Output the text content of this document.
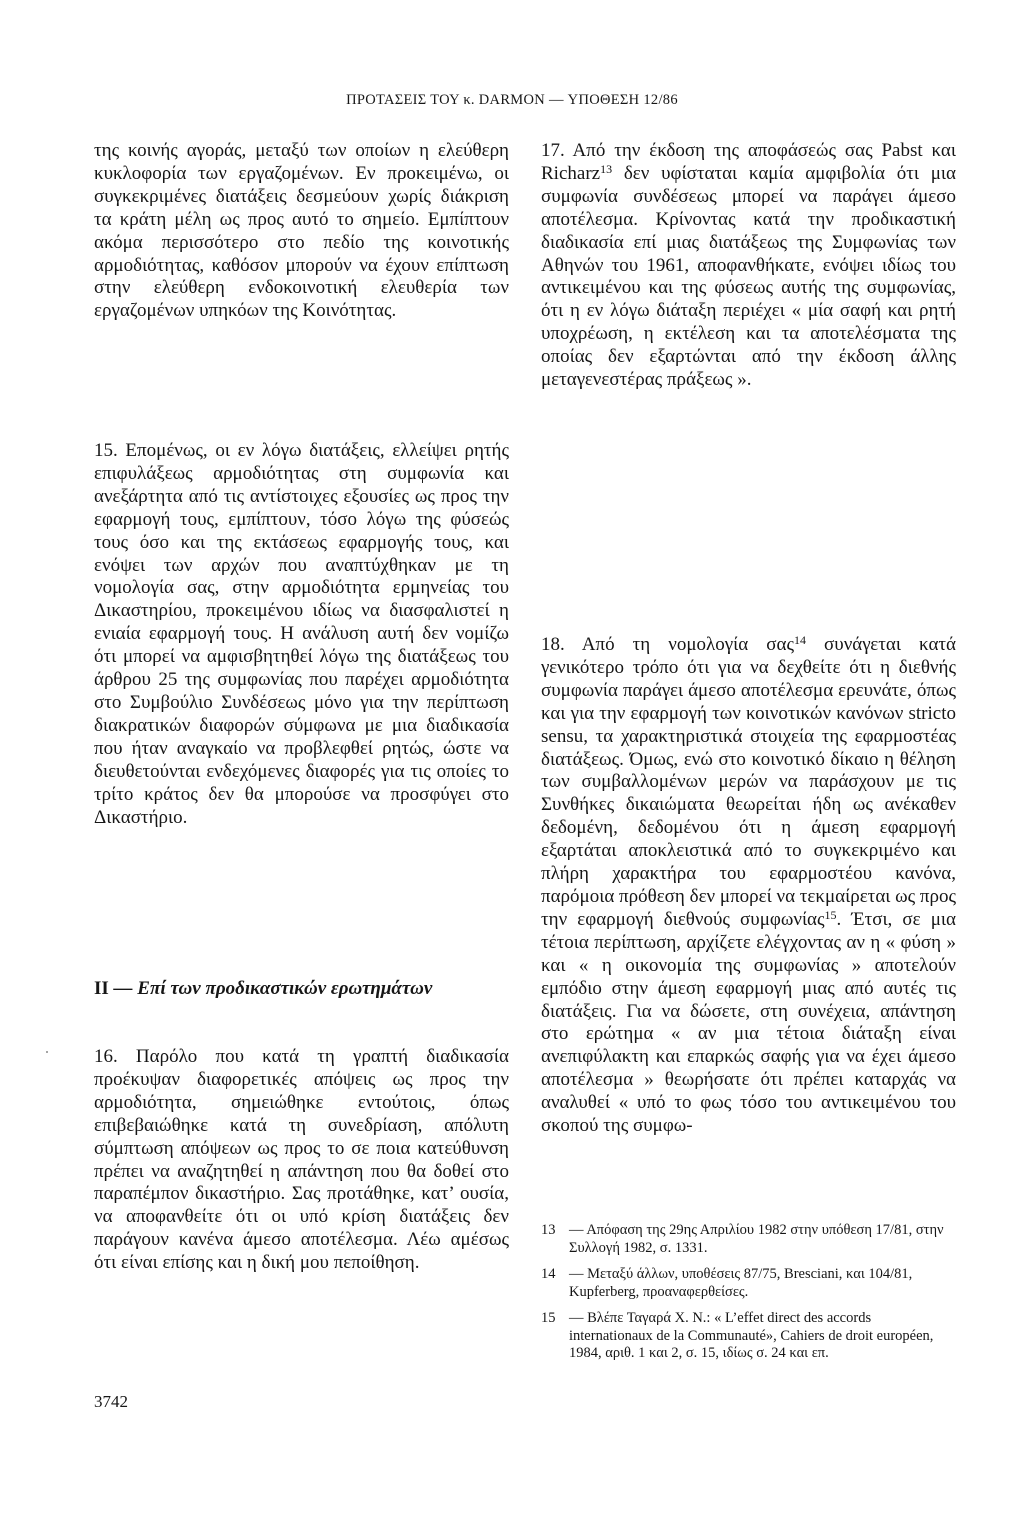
ΠΡΟΤΑΣΕΙΣ ΤΟΥ κ. DARMON — ΥΠΟΘΕΣΗ 12/86

της κοινής αγοράς, μεταξύ των οποίων η ελεύθερη κυκλοφορία των εργαζομένων. Εν προκειμένω, οι συγκεκριμένες διατάξεις δεσμεύουν χωρίς διάκριση τα κράτη μέλη ως προς αυτό το σημείο. Εμπίπτουν ακόμα περισσότερο στο πεδίο της κοινοτικής αρμοδιότητας, καθόσον μπορούν να έχουν επίπτωση στην ελεύθερη ενδοκοινοτική ελευθερία των εργαζομένων υπηκόων της Κοινότητας.

15. Επομένως, οι εν λόγω διατάξεις, ελλείψει ρητής επιφυλάξεως αρμοδιότητας στη συμφωνία και ανεξάρτητα από τις αντίστοιχες εξουσίες ως προς την εφαρμογή τους, εμπίπτουν, τόσο λόγω της φύσεώς τους όσο και της εκτάσεως εφαρμογής τους, και ενόψει των αρχών που αναπτύχθηκαν με τη νομολογία σας, στην αρμοδιότητα ερμηνείας του Δικαστηρίου, προκειμένου ιδίως να διασφαλιστεί η ενιαία εφαρμογή τους. Η ανάλυση αυτή δεν νομίζω ότι μπορεί να αμφισβητηθεί λόγω της διατάξεως του άρθρου 25 της συμφωνίας που παρέχει αρμοδιότητα στο Συμβούλιο Συνδέσεως μόνο για την περίπτωση διακρατικών διαφορών σύμφωνα με μια διαδικασία που ήταν αναγκαίο να προβλεφθεί ρητώς, ώστε να διευθετούνται ενδεχόμενες διαφορές για τις οποίες το τρίτο κράτος δεν θα μπορούσε να προσφύγει στο Δικαστήριο.

II — Επί των προδικαστικών ερωτημάτων

16. Παρόλο που κατά τη γραπτή διαδικασία προέκυψαν διαφορετικές απόψεις ως προς την αρμοδιότητα, σημειώθηκε εντούτοις, όπως επιβεβαιώθηκε κατά τη συνεδρίαση, απόλυτη σύμπτωση απόψεων ως προς το σε ποια κατεύθυνση πρέπει να αναζητηθεί η απάντηση που θα δοθεί στο παραπέμπον δικαστήριο. Σας προτάθηκε, κατ’ ουσία, να αποφανθείτε ότι οι υπό κρίση διατάξεις δεν παράγουν κανένα άμεσο αποτέλεσμα. Λέω αμέσως ότι είναι επίσης και η δική μου πεποίθηση.

17. Από την έκδοση της αποφάσεώς σας Pabst και Richarz$^{13}$ δεν υφίσταται καμία αμφιβολία ότι μια συμφωνία συνδέσεως μπορεί να παράγει άμεσο αποτέλεσμα. Κρίνοντας κατά την προδικαστική διαδικασία επί μιας διατάξεως της Συμφωνίας των Αθηνών του 1961, αποφανθήκατε, ενόψει ιδίως του αντικειμένου και της φύσεως αυτής της συμφωνίας, ότι η εν λόγω διάταξη περιέχει « μία σαφή και ρητή υποχρέωση, η εκτέλεση και τα αποτελέσματα της οποίας δεν εξαρτώνται από την έκδοση άλλης μεταγενεστέρας πράξεως ».

18. Από τη νομολογία σας$^{14}$ συνάγεται κατά γενικότερο τρόπο ότι για να δεχθείτε ότι η διεθνής συμφωνία παράγει άμεσο αποτέλεσμα ερευνάτε, όπως και για την εφαρμογή των κοινοτικών κανόνων stricto sensu, τα χαρακτηριστικά στοιχεία της εφαρμοστέας διατάξεως. Όμως, ενώ στο κοινοτικό δίκαιο η θέληση των συμβαλλομένων μερών να παράσχουν με τις Συνθήκες δικαιώματα θεωρείται ήδη ως ανέκαθεν δεδομένη, δεδομένου ότι η άμεση εφαρμογή εξαρτάται αποκλειστικά από το συγκεκριμένο και πλήρη χαρακτήρα του εφαρμοστέου κανόνα, παρόμοια πρόθεση δεν μπορεί να τεκμαίρεται ως προς την εφαρμογή διεθνούς συμφωνίας$^{15}$. Έτσι, σε μια τέτοια περίπτωση, αρχίζετε ελέγχοντας αν η « φύση » και « η οικονομία της συμφωνίας » αποτελούν εμπόδιο στην άμεση εφαρμογή μιας από αυτές τις διατάξεις. Για να δώσετε, στη συνέχεια, απάντηση στο ερώτημα « αν μια τέτοια διάταξη είναι ανεπιφύλακτη και επαρκώς σαφής για να έχει άμεσο αποτέλεσμα » θεωρήσατε ότι πρέπει καταρχάς να αναλυθεί « υπό το φως τόσο του αντικειμένου του σκοπού της συμφω-

13 — Απόφαση της 29ης Απριλίου 1982 στην υπόθεση 17/81, στην Συλλογή 1982, σ. 1331.
14 — Μεταξύ άλλων, υποθέσεις 87/75, Bresciani, και 104/81, Kupferberg, προαναφερθείσες.
15 — Βλέπε Ταγαρά Χ. Ν.: « L’effet direct des accords internationaux de la Communauté», Cahiers de droit européen, 1984, αριθ. 1 και 2, σ. 15, ιδίως σ. 24 και επ.
3742
